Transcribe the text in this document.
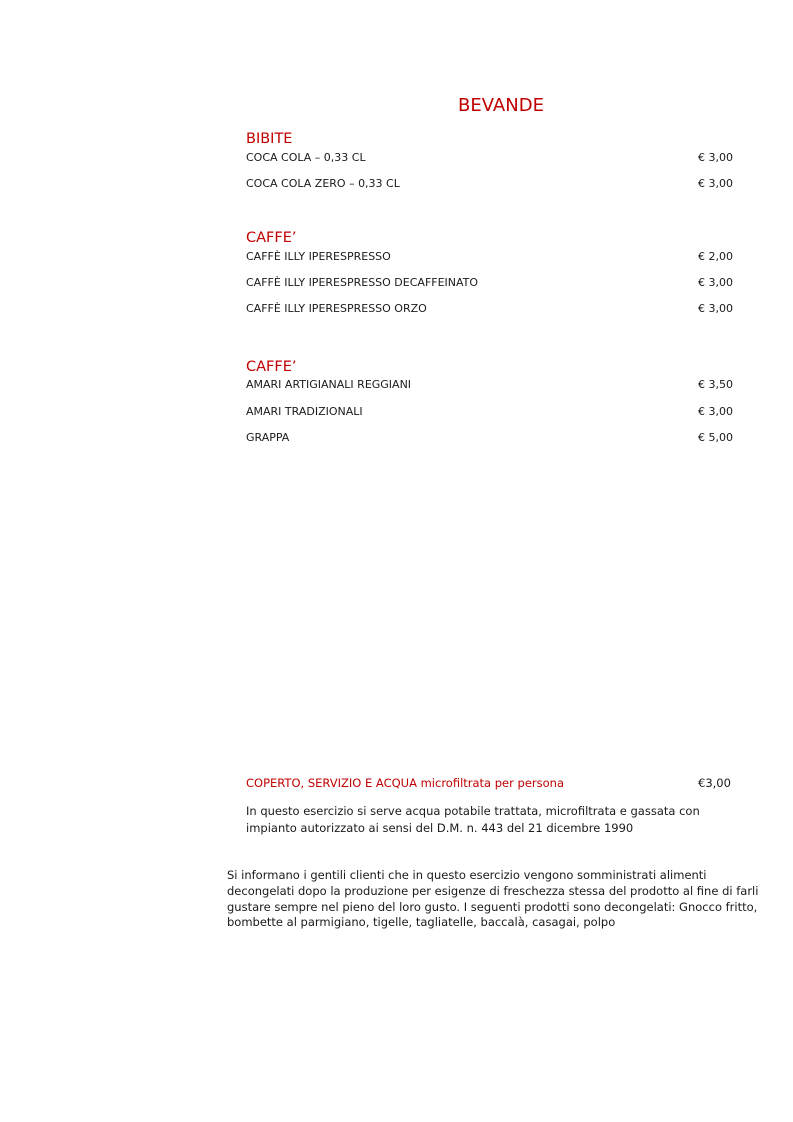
BEVANDE
BIBITE
COCA COLA – 0,33 CL	€ 3,00
COCA COLA ZERO – 0,33 CL	€ 3,00
CAFFE’
CAFFÈ ILLY IPERESPRESSO	€ 2,00
CAFFÈ ILLY IPERESPRESSO DECAFFEINATO	€ 3,00
CAFFÈ ILLY IPERESPRESSO ORZO	€ 3,00
CAFFE’
AMARI ARTIGIANALI REGGIANI	€ 3,50
AMARI TRADIZIONALI	€ 3,00
GRAPPA	€ 5,00
COPERTO, SERVIZIO E ACQUA microfiltrata per persona	€3,00
In questo esercizio si serve acqua potabile trattata, microfiltrata e gassata con impianto autorizzato ai sensi del D.M. n. 443 del 21 dicembre 1990
Si informano i gentili clienti che in questo esercizio vengono somministrati alimenti decongelati dopo la produzione per esigenze di freschezza stessa del prodotto al fine di farli gustare sempre nel pieno del loro gusto. I seguenti prodotti sono decongelati: Gnocco fritto, bombette al parmigiano, tigelle, tagliatelle, baccalà, casagai, polpo
